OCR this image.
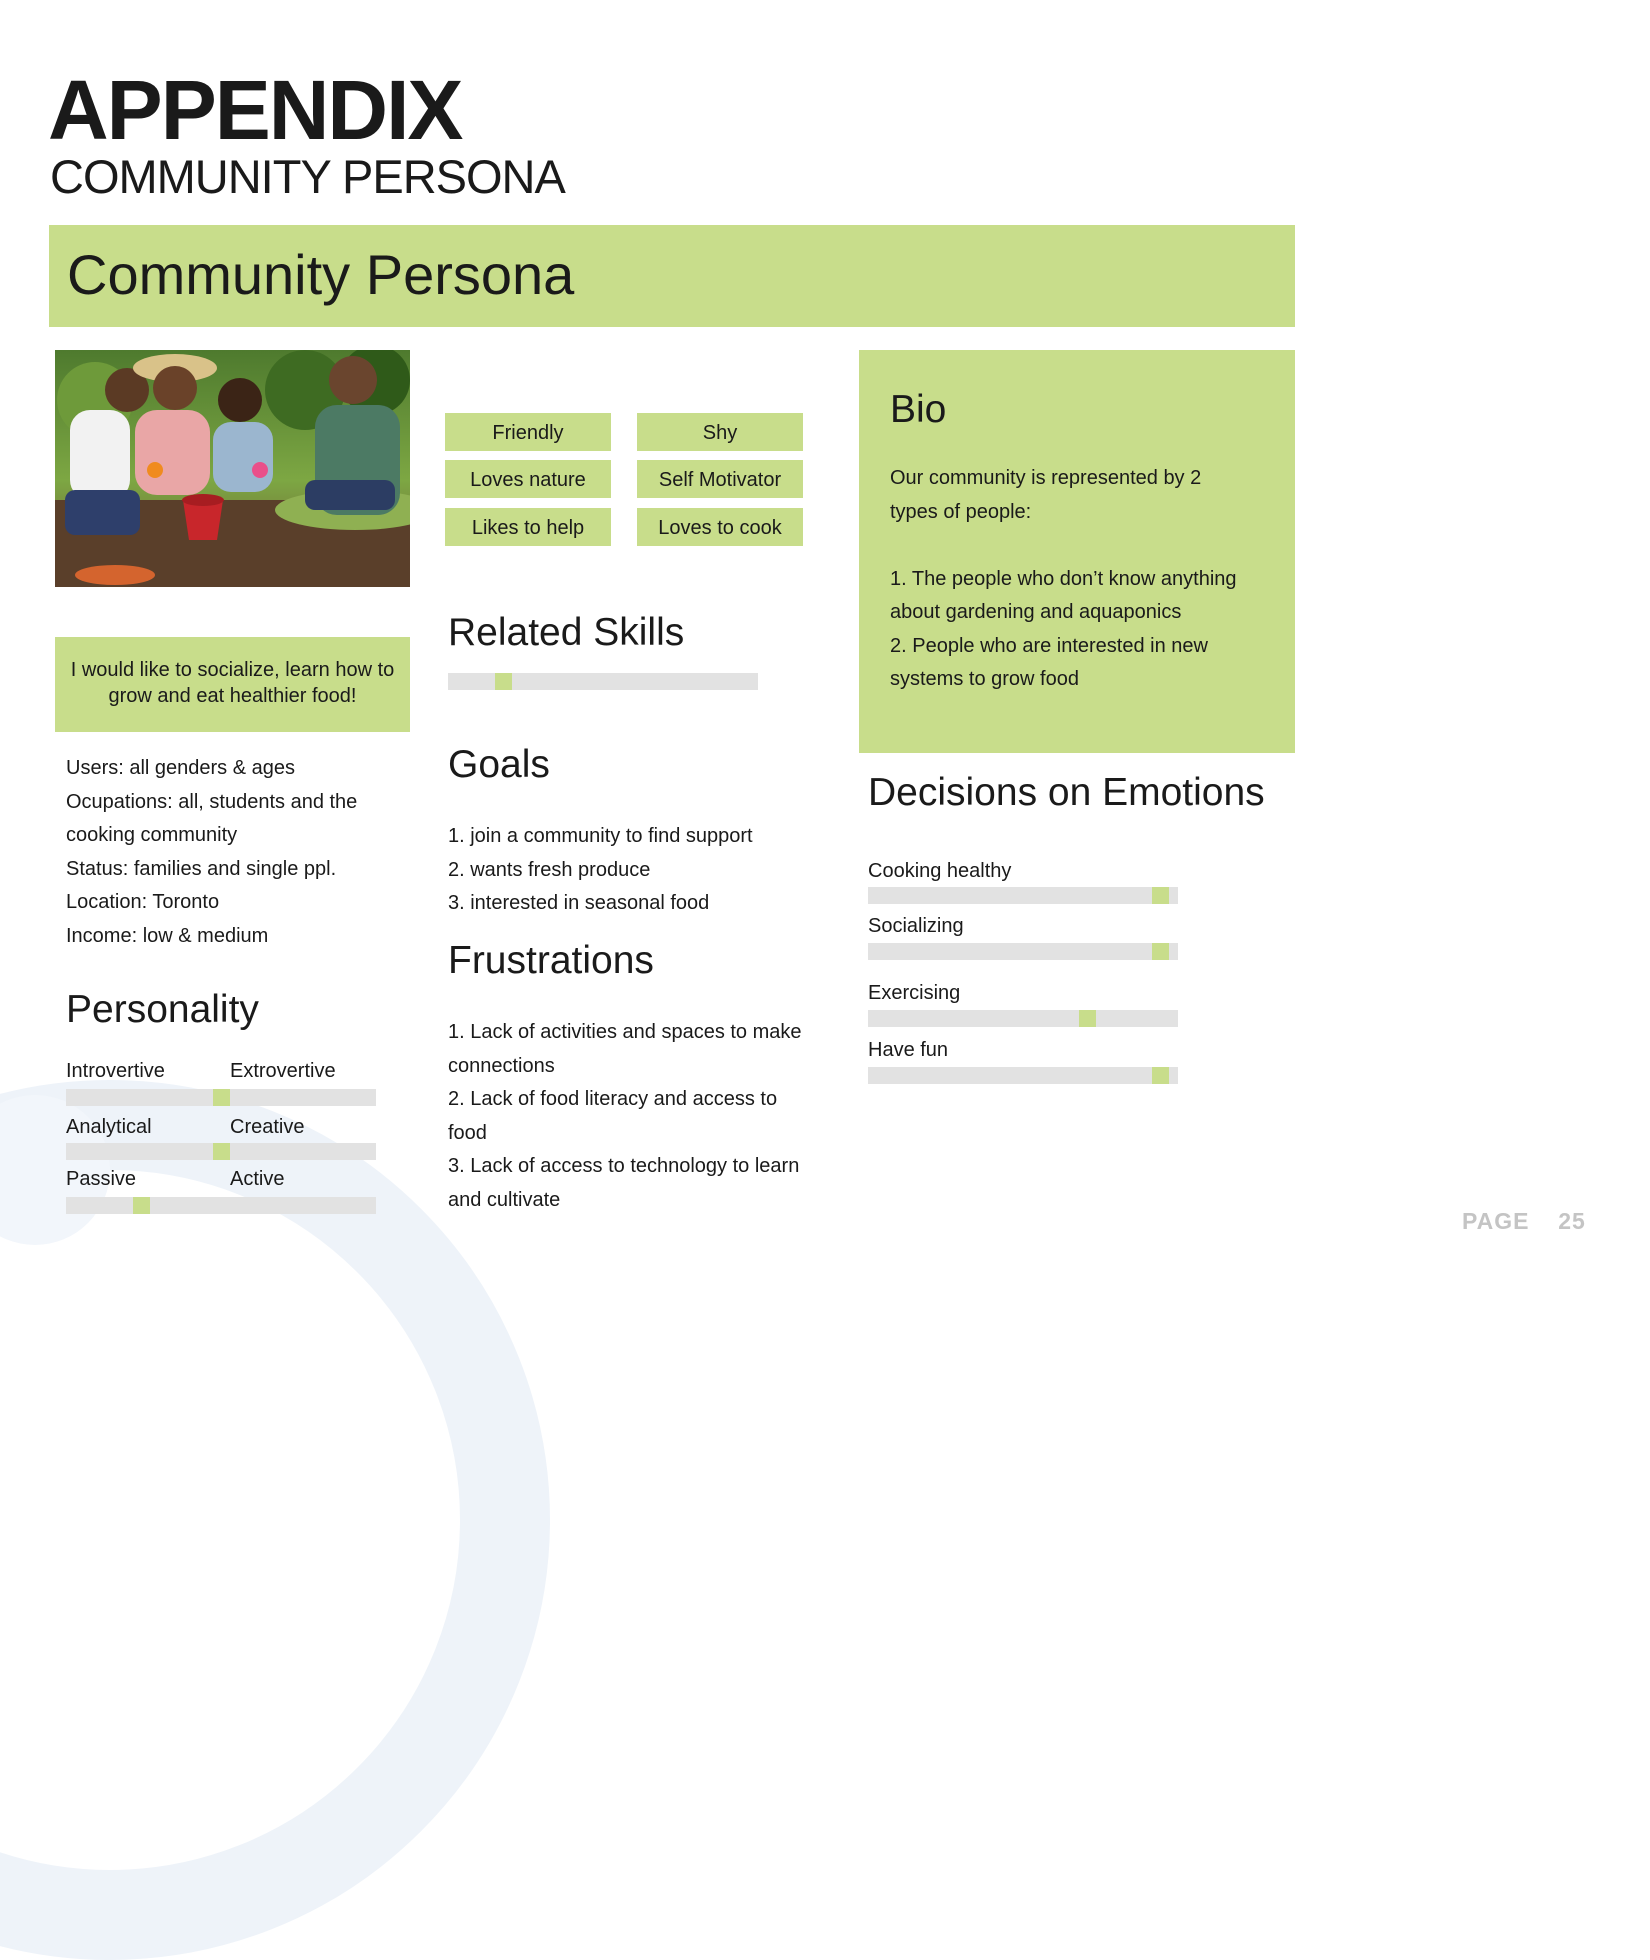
APPENDIX
COMMUNITY PERSONA
Community Persona
I would like to socialize, learn how to grow and eat healthier food!
Users: all genders & ages
Ocupations: all, students and the
cooking community
Status: families and single ppl.
Location: Toronto
Income: low & medium
Personality
Introvertive	Extrovertive
Analytical	Creative
Passive	Active
Friendly	Shy
Loves nature	Self Motivator
Likes to help	Loves to cook
Related Skills
Goals
1. join a community to find support
2. wants fresh produce
3. interested in seasonal food
Frustrations
1. Lack of activities and spaces to make
connections
2. Lack of food literacy and access to
food
3. Lack of access to technology to learn
and cultivate
Bio
Our community is represented by 2
types of people:
1. The people who don’t know anything
about gardening and aquaponics
2. People who are interested in new
systems to grow food
Decisions on Emotions
Cooking healthy
Socializing
Exercising
Have fun
PAGE 25
